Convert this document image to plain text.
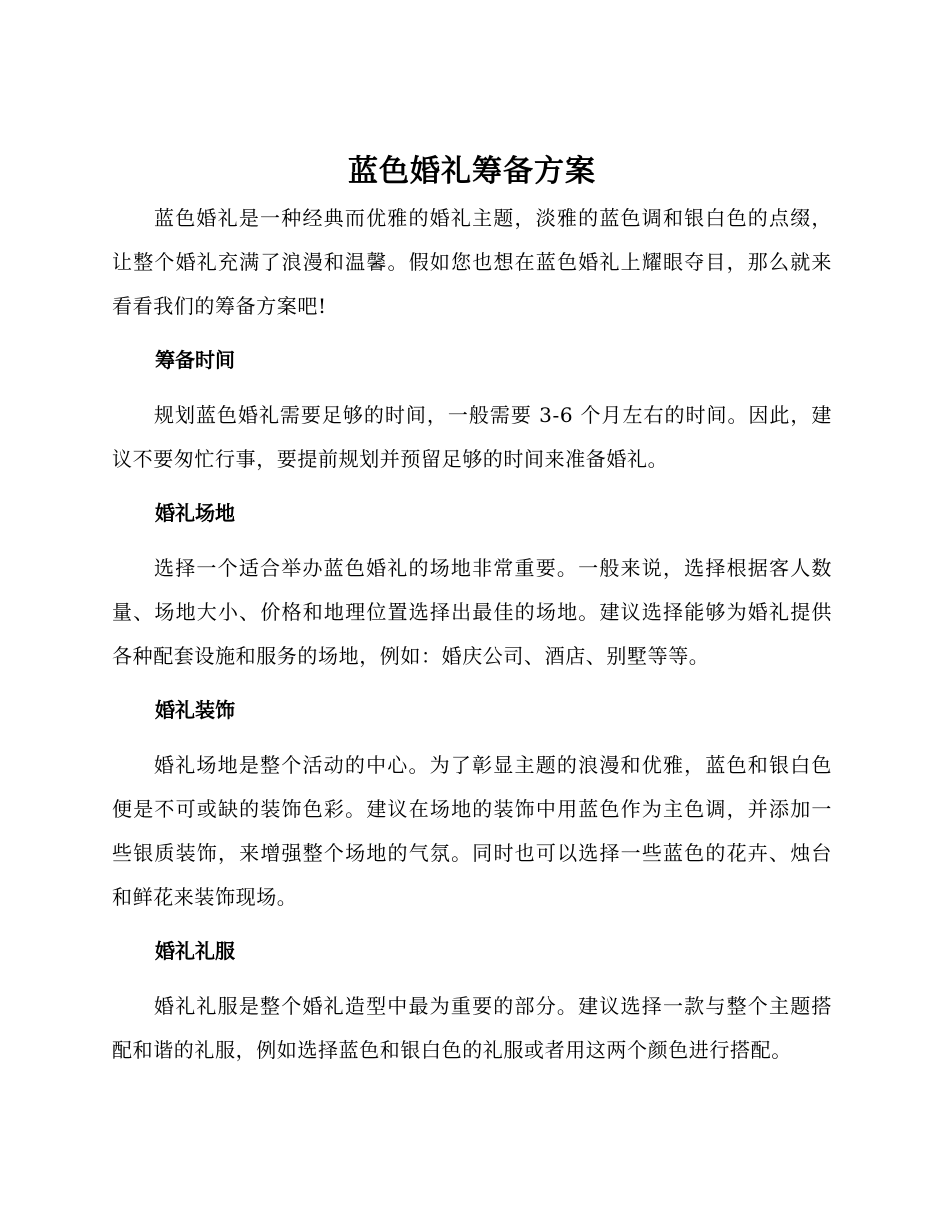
蓝色婚礼筹备方案

蓝色婚礼是一种经典而优雅的婚礼主题，淡雅的蓝色调和银白色的点缀，让整个婚礼充满了浪漫和温馨。假如您也想在蓝色婚礼上耀眼夺目，那么就来看看我们的筹备方案吧!

筹备时间

规划蓝色婚礼需要足够的时间，一般需要 3-6 个月左右的时间。因此，建议不要匆忙行事，要提前规划并预留足够的时间来准备婚礼。

婚礼场地

选择一个适合举办蓝色婚礼的场地非常重要。一般来说，选择根据客人数量、场地大小、价格和地理位置选择出最佳的场地。建议选择能够为婚礼提供各种配套设施和服务的场地，例如：婚庆公司、酒店、别墅等等。

婚礼装饰

婚礼场地是整个活动的中心。为了彰显主题的浪漫和优雅，蓝色和银白色便是不可或缺的装饰色彩。建议在场地的装饰中用蓝色作为主色调，并添加一些银质装饰，来增强整个场地的气氛。同时也可以选择一些蓝色的花卉、烛台和鲜花来装饰现场。

婚礼礼服

婚礼礼服是整个婚礼造型中最为重要的部分。建议选择一款与整个主题搭配和谐的礼服，例如选择蓝色和银白色的礼服或者用这两个颜色进行搭配。
